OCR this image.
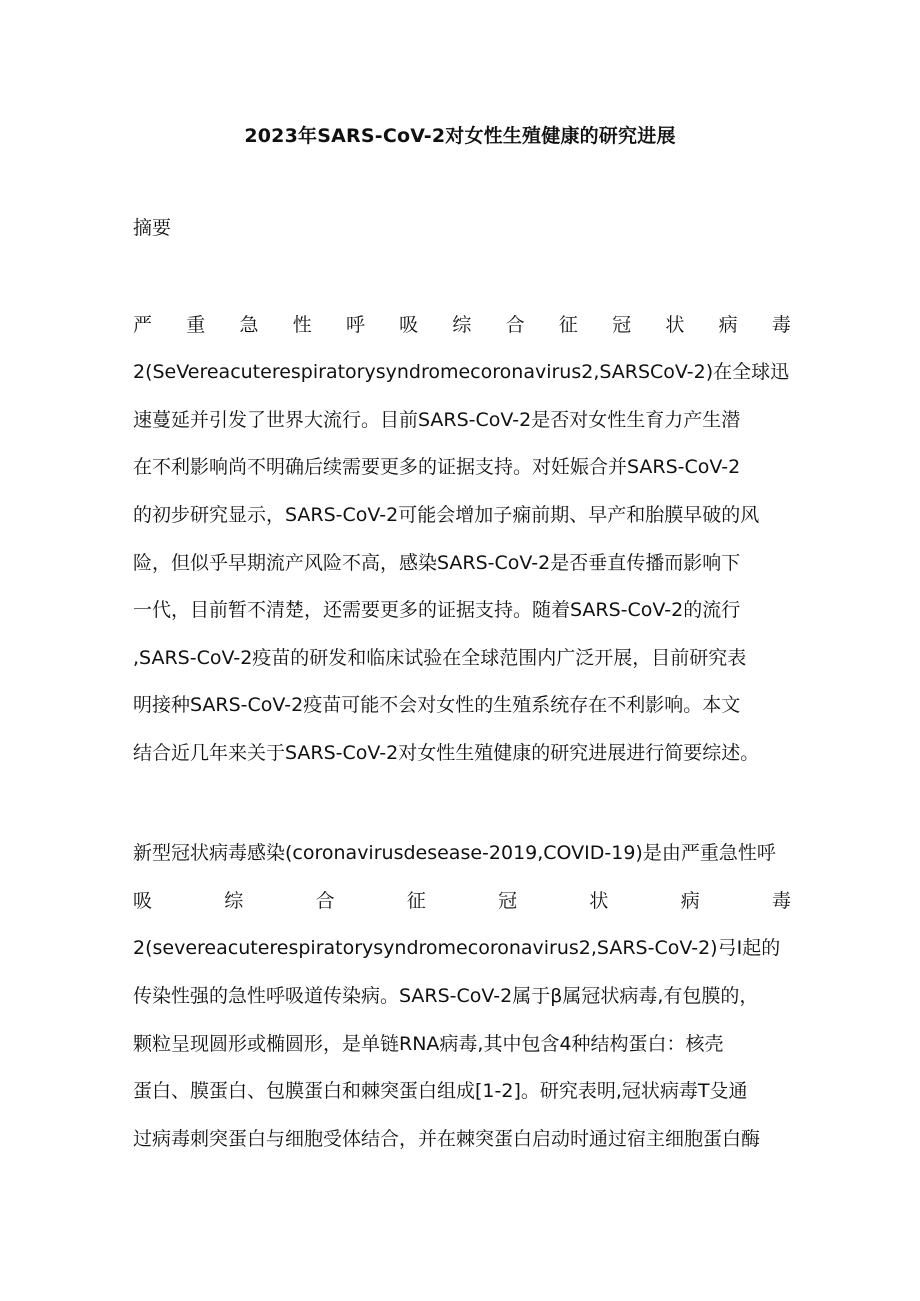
2023年SARS-CoV-2对女性生殖健康的研究进展
摘要
严 重 急 性 呼 吸 综 合 征 冠 状 病 毒
2(SeVereacuterespiratorysyndromecoronavirus2,SARSCoV-2)在全球迅
速蔓延并引发了世界大流行。目前SARS-CoV-2是否对女性生育力产生潜
在不利影响尚不明确后续需要更多的证据支持。对妊娠合并SARS-CoV-2
的初步研究显示，SARS-CoV-2可能会增加子痫前期、早产和胎膜早破的风
险，但似乎早期流产风险不高，感染SARS-CoV-2是否垂直传播而影响下
一代，目前暂不清楚，还需要更多的证据支持。随着SARS-CoV-2的流行
,SARS-CoV-2疫苗的研发和临床试验在全球范围内广泛开展，目前研究表
明接种SARS-CoV-2疫苗可能不会对女性的生殖系统存在不利影响。本文
结合近几年来关于SARS-CoV-2对女性生殖健康的研究进展进行简要综述。
新型冠状病毒感染(coronavirusdesease-2019,COVID-19)是由严重急性呼
吸	综	合	征	冠	状	病	毒
2(severeacuterespiratorysyndromecoronavirus2,SARS-CoV-2)弓I起的
传染性强的急性呼吸道传染病。SARS-CoV-2属于β属冠状病毒,有包膜的，
颗粒呈现圆形或椭圆形，是单链RNA病毒,其中包含4种结构蛋白：核壳
蛋白、膜蛋白、包膜蛋白和棘突蛋白组成[1-2]。研究表明,冠状病毒T殳通
过病毒刺突蛋白与细胞受体结合，并在棘突蛋白启动时通过宿主细胞蛋白酶
